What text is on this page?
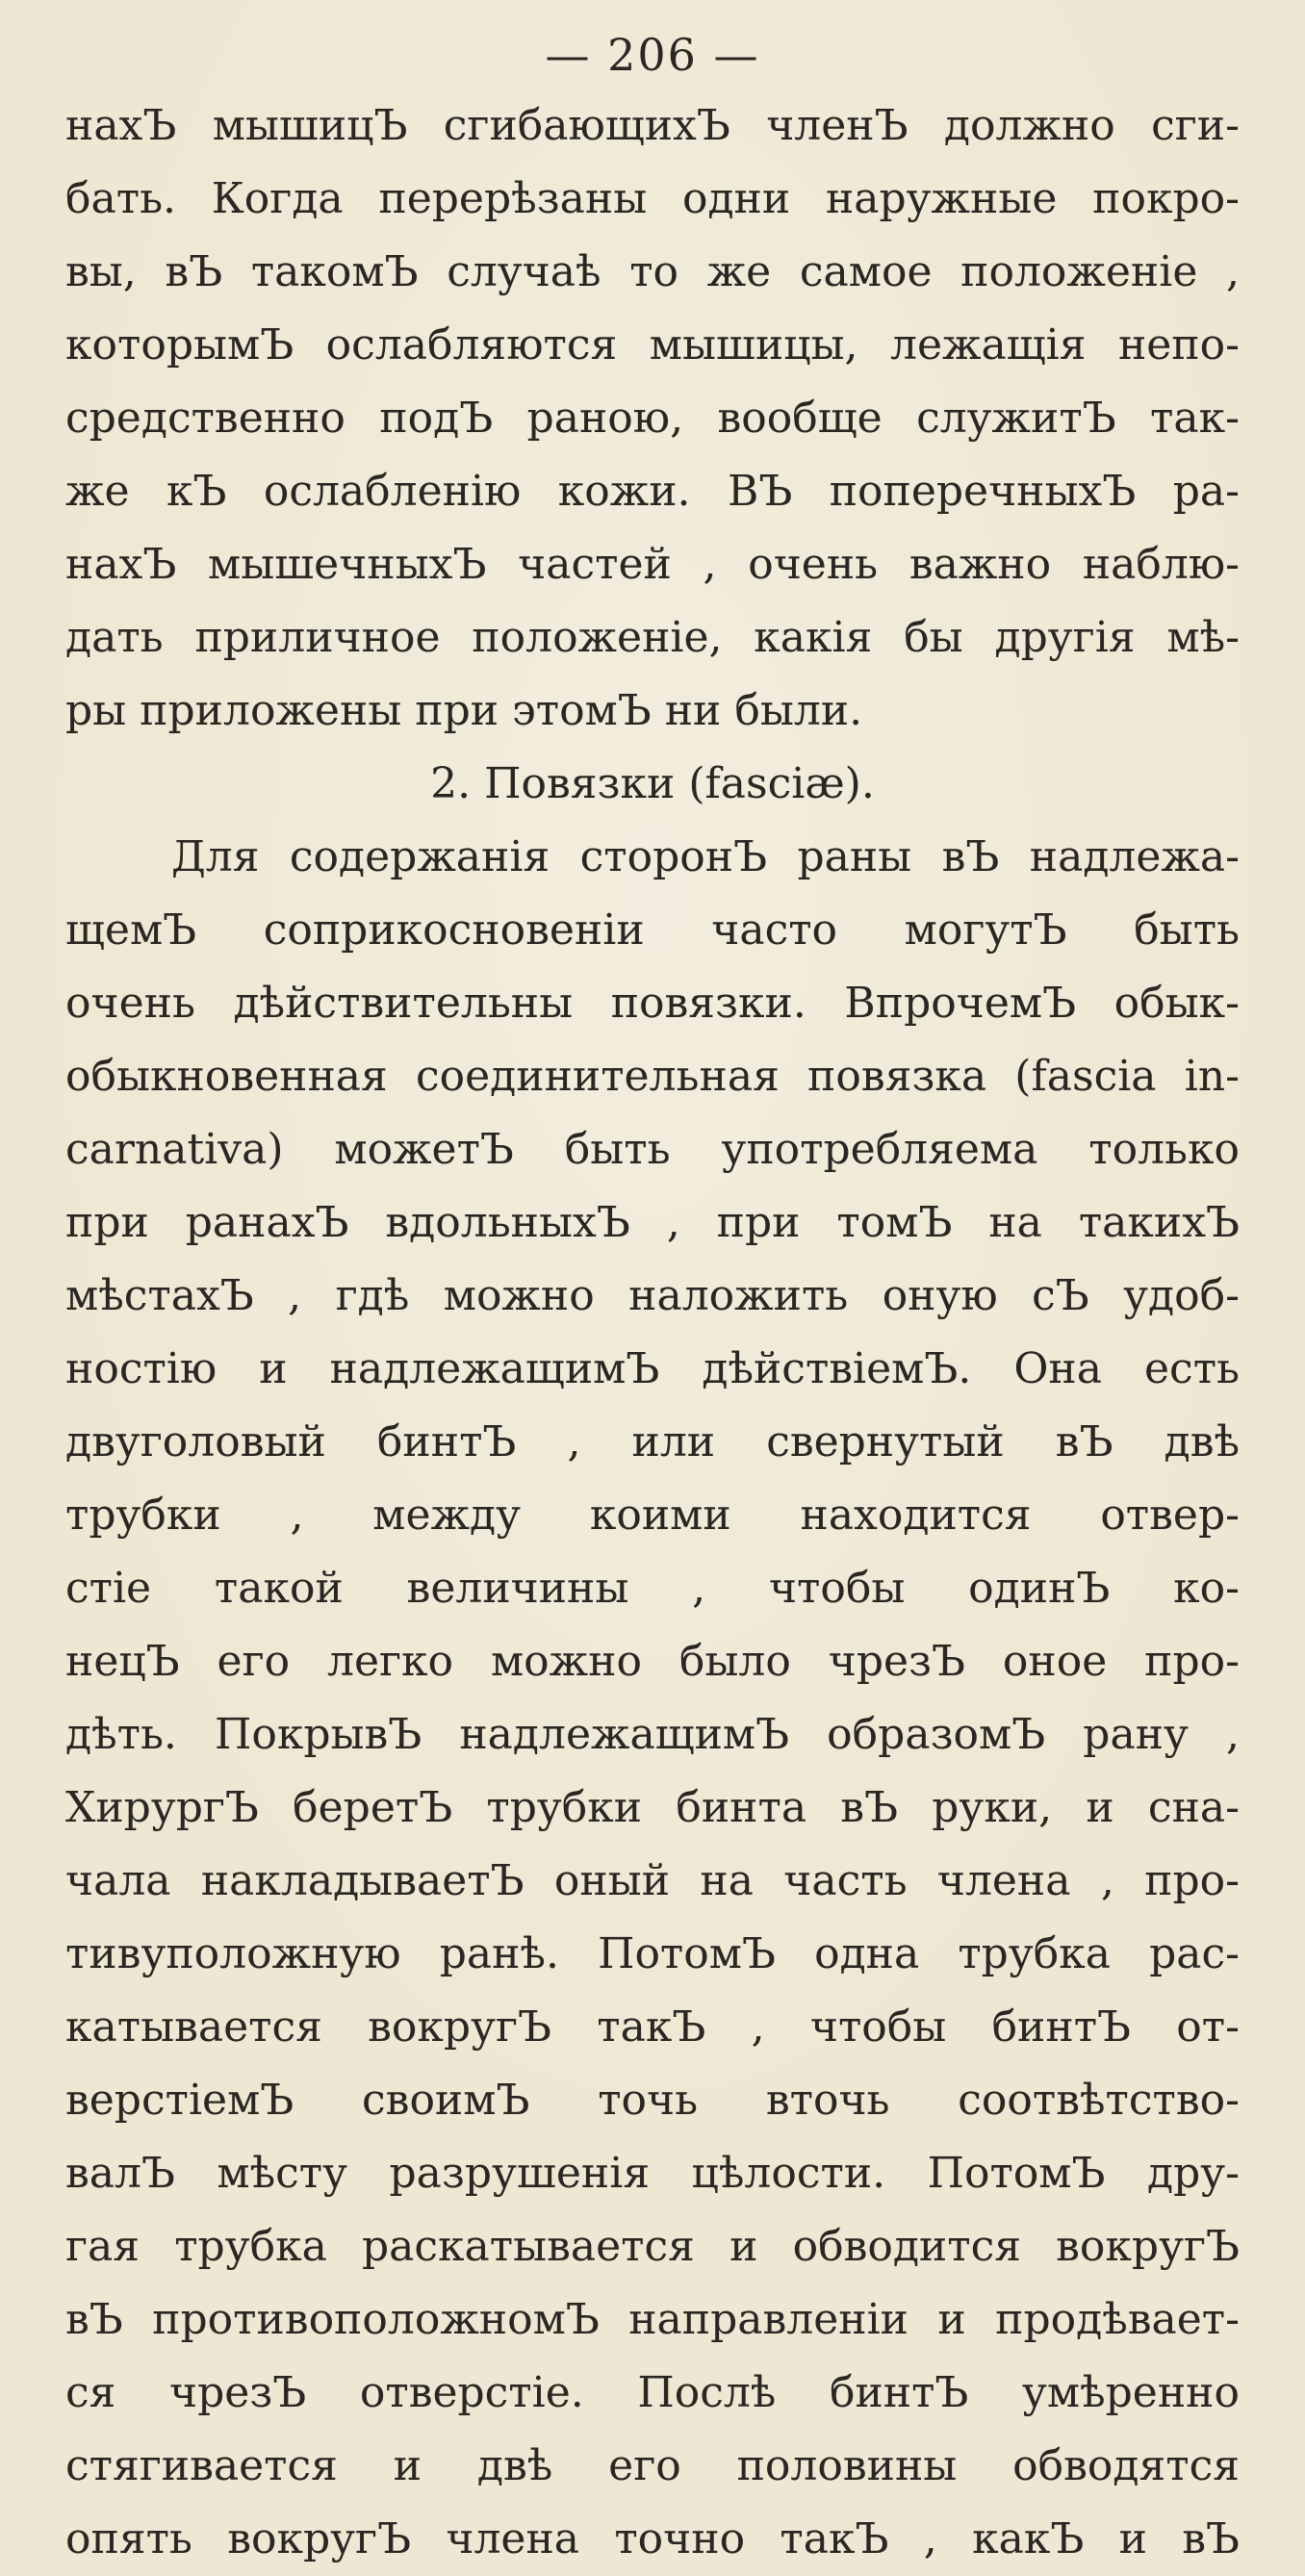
— 206 —
нахЪ мышицЪ сгибающихЪ членЪ должно сги-
бать. Когда перерѣзаны одни наружные покро-
вы, вЪ такомЪ случаѣ то же самое положеніе ,
которымЪ ослабляются мышицы, лежащія непо-
средственно подЪ раною, вообще служитЪ так-
же кЪ ослабленію кожи. ВЪ поперечныхЪ ра-
нахЪ мышечныхЪ частей , очень важно наблю-
дать приличное положеніе, какія бы другія мѣ-
ры приложены при этомЪ ни были.
2. Повязки (fasciæ).
Для содержанія сторонЪ раны вЪ надлежа-
щемЪ соприкосновеніи часто могутЪ быть
очень дѣйствительны повязки. ВпрочемЪ обык-
обыкновенная соединительная повязка (fascia in-
carnativa) можетЪ быть употребляема только
при ранахЪ вдольныхЪ , при томЪ на такихЪ
мѣстахЪ , гдѣ можно наложить оную сЪ удоб-
ностію и надлежащимЪ дѣйствіемЪ. Она есть
двуголовый бинтЪ , или свернутый вЪ двѣ
трубки , между коими находится отвер-
стіе такой величины , чтобы одинЪ ко-
нецЪ его легко можно было чрезЪ оное про-
дѣть. ПокрывЪ надлежащимЪ образомЪ рану ,
ХирургЪ беретЪ трубки бинта вЪ руки, и сна-
чала накладываетЪ оный на часть члена , про-
тивуположную ранѣ. ПотомЪ одна трубка рас-
катывается вокругЪ такЪ , чтобы бинтЪ от-
верстіемЪ своимЪ точь вточь соотвѣтство-
валЪ мѣсту разрушенія цѣлости. ПотомЪ дру-
гая трубка раскатывается и обводится вокругЪ
вЪ противоположномЪ направленіи и продѣвает-
ся чрезЪ отверстіе. Послѣ бинтЪ умѣренно
стягивается и двѣ его половины обводятся
опять вокругЪ члена точно такЪ , какЪ и вЪ
